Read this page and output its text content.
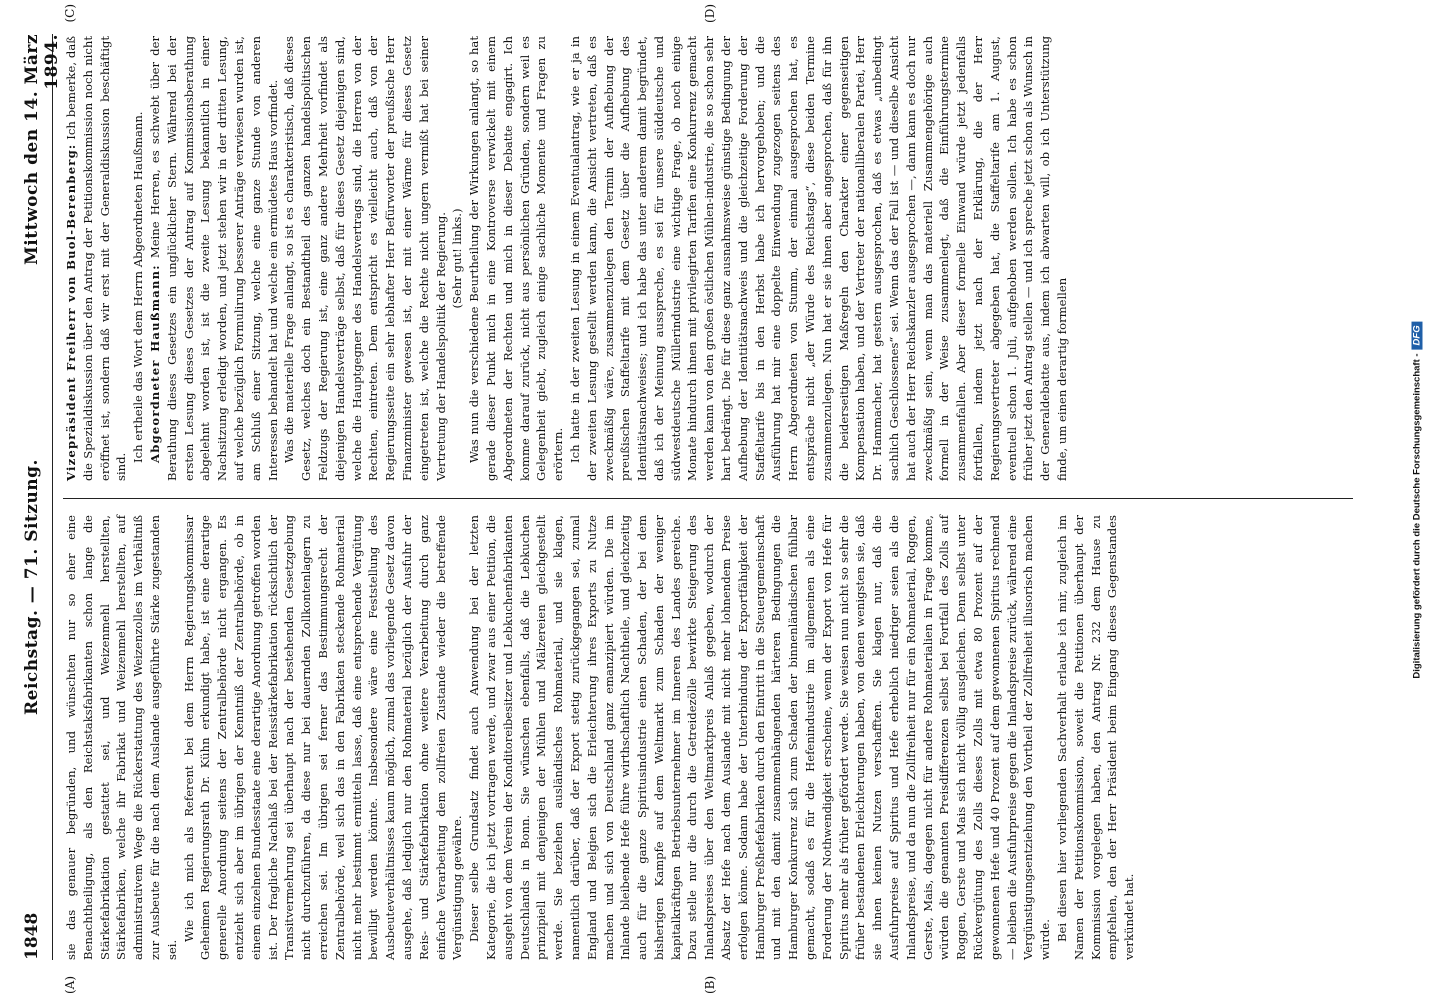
1848
Reichstag. — 71. Sitzung.
Mittwoch den 14. März 1894.
(A)	(B)
(C)	(D)

sie das genauer begründen, und wünschten nur so eher eine Benachtheiligung, als den Reichstaksfabrikanten schon lange die Stärkefabrikation gestattet sei, und Weizenmehl herstellten, Stärkefabriken, welche ihr Fabrikat und Weizenmehl herstellten, auf administrativem Wege die Rückerstattung des Weizenzolles im Verhältniß zur Ausbeute für die nach dem Auslande ausgeführte Stärke zugestanden sei.

Wie ich mich als Referent bei dem Herrn Regierungskommissar Geheimen Regierungsrath Dr. Kühn erkundigt habe, ist eine derartige generelle Anordnung seitens der Zentralbehörde nicht ergangen. Es entzieht sich aber im übrigen der Kenntniß der Zentralbehörde, ob in einem einzelnen Bundesstaate eine derartige Anordnung getroffen worden ist. Der fragliche Nachlaß bei der Reisstärkefabrikation rücksichtlich der Transitvermehrung sei überhaupt nach der bestehenden Gesetzgebung nicht durchzuführen, da diese nur bei dauernden Zollkontenlagern zu erreichen sei. Im übrigen sei ferner das Bestimmungsrecht der Zentralbehörde, weil sich das in den Fabrikaten steckende Rohmaterial nicht mehr bestimmt ermitteln lasse, daß eine entsprechende Vergütung bewilligt werden könnte. Insbesondere wäre eine Feststellung des Ausbeuteverhältnisses kaum möglich, zumal das vorliegende Gesetz davon ausgehe, daß lediglich nur den Rohmaterial bezüglich der Ausfuhr der Reis- und Stärkefabrikation ohne weitere Verarbeitung durch ganz einfache Verarbeitung dem zollfreien Zustande wieder die betreffende Vergünstigung gewähre. Dieser selbe Grundsatz findet auch Anwendung bei der letzten Kategorie, die ich jetzt vortragen werde, und zwar aus einer Petition, die ausgeht von dem Verein der Konditoreibesitzer und Lebkuchenfabrikanten Deutschlands in Bonn. Sie wünschen ebenfalls, daß die Lebkuchen prinzipiell mit denjenigen der Mühlen und Mälzereien gleichgestellt werde. Sie beziehen ausländisches Rohmaterial, und sie klagen, namentlich darüber, daß der Export stetig zurückgegangen sei, zumal England und Belgien sich die Erleichterung ihres Exports zu Nutze machen und sich von Deutschland ganz emanzipiert würden. Die im Inlande bleibende Hefe führe wirthschaftlich Nachtheile, und gleichzeitig auch für die ganze Spiritusindustrie einen Schaden, der bei dem bisherigen Kampfe auf dem Weltmarkt zum Schaden der weniger kapitalkräftigen Betriebsunternehmer im Inneren des Landes gereiche. Dazu stelle nur die durch die Getreidezölle bewirkte Steigerung des Inlandspreises über den Weltmarktpreis Anlaß gegeben, wodurch der Absatz der Hefe nach dem Auslande mit nicht mehr lohnendem Preise erfolgen könne. Sodann habe der Unterbindung der Exportfähigkeit der Hamburger Preßhefefabriken durch den Eintritt in die Steuergemeinschaft und mit den damit zusammenhängenden härteren Bedingungen die Hamburger Konkurrenz sich zum Schaden der binnenländischen fühlbar gemacht, sodaß es für die Hefenindustrie im allgemeinen als eine Forderung der Nothwendigkeit erscheine, wenn der Export von Hefe für Spiritus mehr als früher gefördert werde. Sie weisen nun nicht so sehr die früher bestandenen Erleichterungen haben, von denen wenigsten sie, daß sie ihnen keinen Nutzen verschafften. Sie klagen nur, daß die Ausfuhrpreise auf Spiritus und Hefe erheblich niedriger seien als die Inlandspreise, und da nun die Zollfreiheit nur für ein Rohmaterial, Roggen, Gerste, Mais, dagegen nicht für andere Rohmaterialien in Frage komme, würden die genannten Preisdifferenzen selbst bei Fortfall des Zolls auf Roggen, Gerste und Mais sich nicht völlig ausgleichen. Denn selbst unter Rückvergütung des Zolls dieses Zolls mit etwa 80 Prozent auf der gewonnenen Hefe und 40 Prozent auf dem gewonnenen Spiritus rechnend — bleiben die Ausfuhrpreise gegen die Inlandspreise zurück, während eine Vergünstigungsentziehung den Vortheil der Zollfreiheit illusorisch machen würde. Bei diesen hier vorliegenden Sachverhalt erlaube ich mir, zugleich im Namen der Petitionskommission, soweit die Petitionen überhaupt der Kommission vorgelegen haben, den Antrag Nr. 232 dem Hause zu empfehlen, den der Herr Präsident beim Eingang dieses Gegenstandes verkündet hat.

Vizepräsident Freiherr von Buol-Berenberg: Ich bemerke, daß die Spezialdiskussion über den Antrag der Petitionskommission noch nicht eröffnet ist, sondern daß wir erst mit der Generaldiskussion beschäftigt sind.

Ich ertheile das Wort dem Herrn Abgeordneten Haußmann. Abgeordneter Haußmann: Meine Herren, es schwebt über der Berathung dieses Gesetzes ein unglücklicher Stern. Während bei der ersten Lesung dieses Gesetzes der Antrag auf Kommissionsberathung abgelehnt worden ist, ist die zweite Lesung bekanntlich in einer Nachsitzung erledigt worden, und jetzt stehen wir in der dritten Lesung, auf welche bezüglich Formulirung besserer Anträge verwiesen wurden ist, am Schluß einer Sitzung, welche eine ganze Stunde von anderen Interessen behandelt hat und welche ein ermüdetes Haus vorfindet. Was die materielle Frage anlangt, so ist es charakteristisch, daß dieses Gesetz, welches doch ein Bestandtheil des ganzen handelspolitischen Feldzugs der Regierung ist, eine ganz andere Mehrheit vorfindet als diejenigen Handelsverträge selbst, daß für dieses Gesetz diejenigen sind, welche die Hauptgegner des Handelsvertrags sind, die Herren von der Rechten, eintreten. Dem entspricht es vielleicht auch, daß von der Regierungsseite ein sehr lebhafter Herr Befürworter der preußische Herr Finanzminister gewesen ist, der mit einer Wärme für dieses Gesetz eingetreten ist, welche die Rechte nicht ungern vermißt hat bei seiner Vertretung der Handelspolitik der Regierung. (Sehr gut! links.) Was nun die verschiedene Beurtheilung der Wirkungen anlangt, so hat gerade dieser Punkt mich in eine Kontroverse verwickelt mit einem Abgeordneten der Rechten und mich in dieser Debatte engagirt. Ich komme darauf zurück, nicht aus persönlichen Gründen, sondern weil es Gelegenheit giebt, zugleich einige sachliche Momente und Fragen zu erörtern. Ich hatte in der zweiten Lesung in einem Eventualantrag, wie er ja in der zweiten Lesung gestellt werden kann, die Ansicht vertreten, daß es zweckmäßig wäre, zusammenzulegen den Termin der Aufhebung der preußischen Staffeltarife mit dem Gesetz über die Aufhebung des Identitätsnachweises; und ich habe das unter anderem damit begründet, daß ich der Meinung ausspreche, es sei für unsere süddeutsche und südwestdeutsche Müllerindustrie eine wichtige Frage, ob noch einige Monate hindurch ihnen mit privilegirten Tarifen eine Konkurrenz gemacht werden kann von den großen östlichen Mühlen-industrie, die so schon sehr hart bedrängt. Die für diese ganz ausnahmsweise günstige Bedingung der Aufhebung der Identitätsnachweis und die gleichzeitige Forderung der Staffeltarife bis in den Herbst habe ich hervorgehoben; und die Ausführung hat mir eine doppelte Einwendung zugezogen seitens des Herrn Abgeordneten von Stumm, der einmal ausgesprochen hat, es entspräche nicht „der Würde des Reichstags“, diese beiden Termine zusammenzulegen. Nun hat er sie ihnen aber angesprochen, daß für ihn die beiderseitigen Maßregeln den Charakter einer gegenseitigen Kompensation haben, und der Vertreter der nationalliberalen Partei, Herr Dr. Hammacher, hat gestern ausgesprochen, daß es etwas „unbedingt sachlich Geschlossenes“ sei. Wenn das der Fall ist — und dieselbe Ansicht hat auch der Herr Reichskanzler ausgesprochen —, dann kann es doch nur zweckmäßig sein, wenn man das materiell Zusammengehörige auch formell in der Weise zusammenlegt, daß die Einführungstermine zusammenfallen. Aber dieser formelle Einwand würde jetzt jedenfalls fortfallen, indem jetzt nach der Erklärung, die der Herr Regierungsvertreter abgegeben hat, die Staffeltarife am 1. August, eventuell schon 1. Juli, aufgehoben werden sollen. Ich habe es schon früher jetzt den Antrag stellen — und ich spreche jetzt schon als Wunsch in der Generaldebatte aus, indem ich abwarten will, ob ich Unterstützung finde, um einen derartig formellen	Digitalisierung gefördert durch die Deutsche Forschungsgemeinschaft -DFG
